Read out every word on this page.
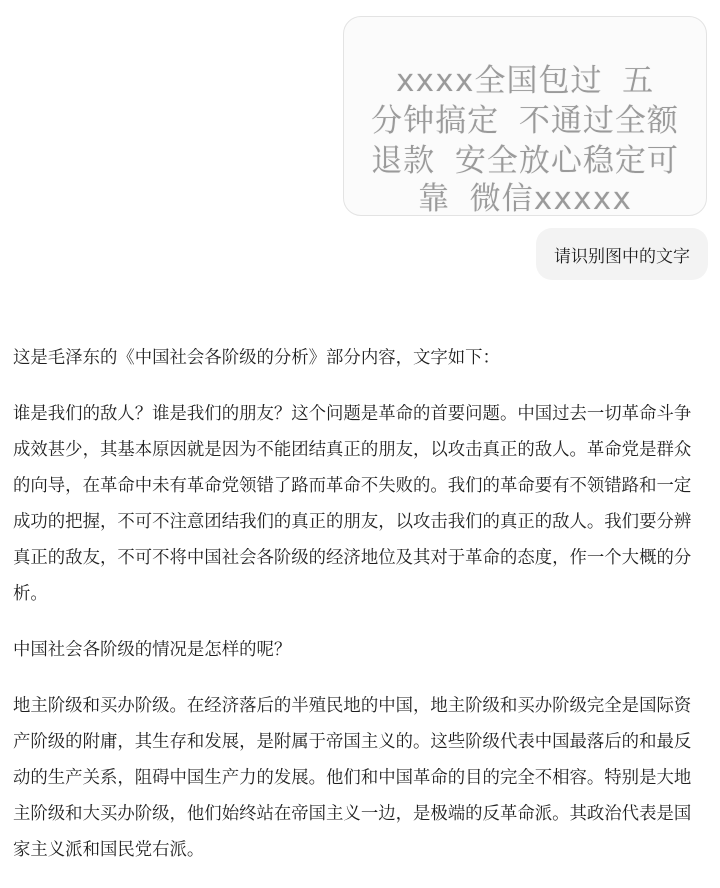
xxxx全国包过 五
分钟搞定 不通过全额
退款 安全放心稳定可
靠 微信xxxxx
请识别图中的文字

这是毛泽东的《中国社会各阶级的分析》部分内容，文字如下：

谁是我们的敌人？谁是我们的朋友？这个问题是革命的首要问题。中国过去一切革命斗争成效甚少，其基本原因就是因为不能团结真正的朋友，以攻击真正的敌人。革命党是群众的向导，在革命中未有革命党领错了路而革命不失败的。我们的革命要有不领错路和一定成功的把握，不可不注意团结我们的真正的朋友，以攻击我们的真正的敌人。我们要分辨真正的敌友，不可不将中国社会各阶级的经济地位及其对于革命的态度，作一个大概的分析。

中国社会各阶级的情况是怎样的呢？

地主阶级和买办阶级。在经济落后的半殖民地的中国，地主阶级和买办阶级完全是国际资产阶级的附庸，其生存和发展，是附属于帝国主义的。这些阶级代表中国最落后的和最反动的生产关系，阻碍中国生产力的发展。他们和中国革命的目的完全不相容。特别是大地主阶级和大买办阶级，他们始终站在帝国主义一边，是极端的反革命派。其政治代表是国家主义派和国民党右派。
